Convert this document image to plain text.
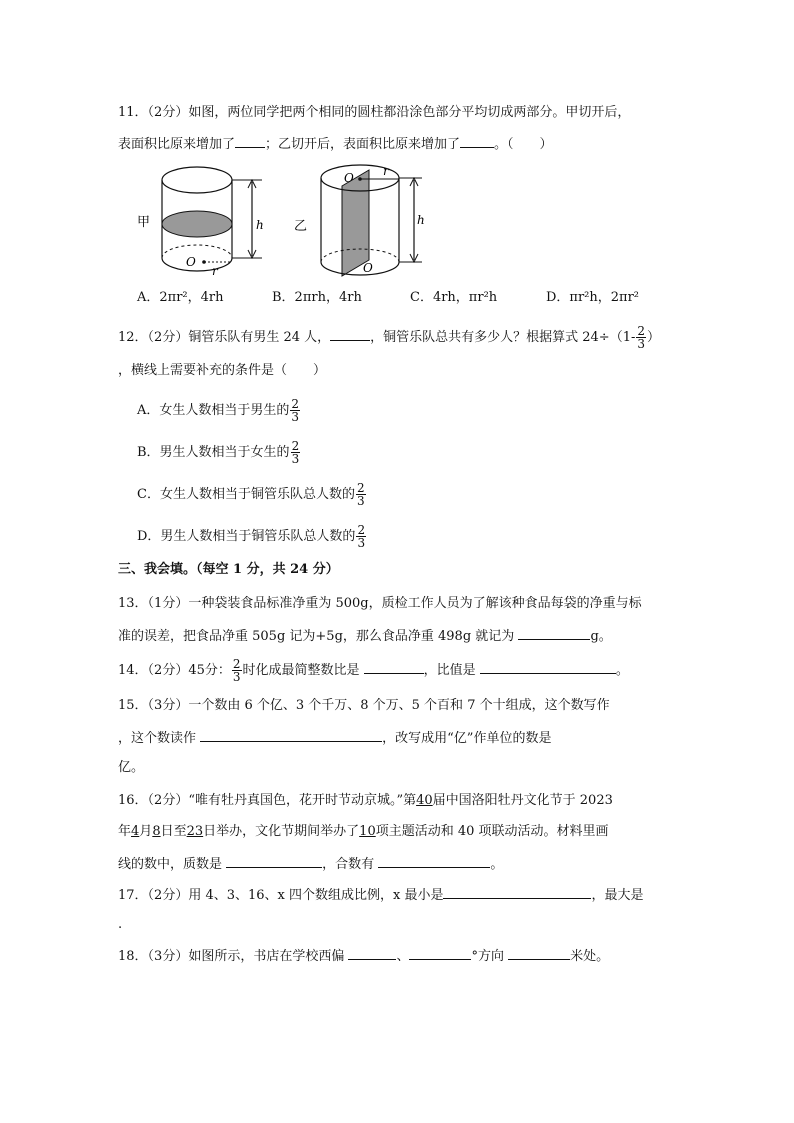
11．（2分）如图，两位同学把两个相同的圆柱都沿涂色部分平均切成两部分。甲切开后，
表面积比原来增加了 ；乙切开后，表面积比原来增加了	。（　　）
甲
O
r
h 乙
O r
O
h
A．2πr²，4rh	B．2πrh，4rh	C．4rh，πr²h	D．πr²h，2πr²
12．（2分）铜管乐队有男生 24 人，	，铜管乐队总共有多少人？根据算式 $24\div(1- \frac{2}{3}$ ）
，横线上需要补充的条件是（　　）
A．女生人数相当于男生的 $\frac{2}{3}$
B．男生人数相当于女生的 $\frac{2}{3}$
C．女生人数相当于铜管乐队总人数的 $\frac{2}{3}$
D．男生人数相当于铜管乐队总人数的 $\frac{2}{3}$
三、我会填。（每空 1 分，共 24 分）
13．（1分）一种袋装食品标准净重为 500g，质检工作人员为了解该种食品每袋的净重与标
准的误差，把食品净重 505g 记为+5g，那么食品净重 498g 就记为	g。
14．（2分）45分： $\frac{2}{3}$ 时化成最简整数比是	，比值是	。
15．（3分）一个数由 6 个亿、3 个千万、8 个万、5 个百和 7 个十组成，这个数写作
，这个数读作	，改写成用“亿”作单位的数是
亿。
16．（2分）“唯有牡丹真国色，花开时节动京城。”第40届中国洛阳牡丹文化节于 2023
年4月8日至23日举办，文化节期间举办了10项主题活动和 40 项联动活动。材料里画
线的数中，质数是	，合数有	。
17．（2分）用 4、3、16、x 四个数组成比例，x 最小是	，最大是
.
18．（3分）如图所示，书店在学校西偏	、	°方向	米处。
